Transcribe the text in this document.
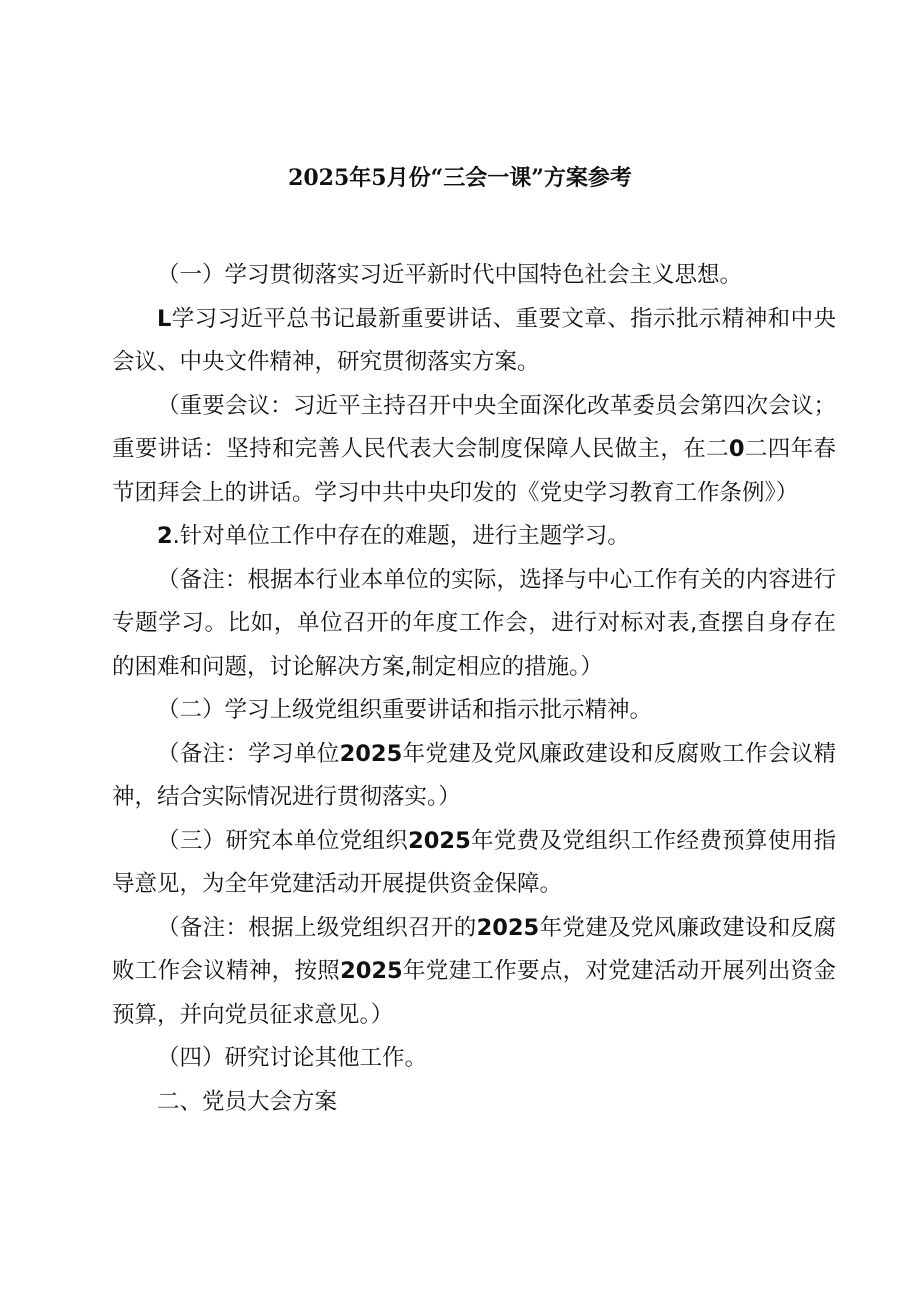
2025年5月份“三会一课”方案参考

（一）学习贯彻落实习近平新时代中国特色社会主义思想。

L学习习近平总书记最新重要讲话、重要文章、指示批示精神和中央会议、中央文件精神，研究贯彻落实方案。

（重要会议：习近平主持召开中央全面深化改革委员会第四次会议；重要讲话：坚持和完善人民代表大会制度保障人民做主，在二0二四年春节团拜会上的讲话。学习中共中央印发的《党史学习教育工作条例》）

2.针对单位工作中存在的难题，进行主题学习。

（备注：根据本行业本单位的实际，选择与中心工作有关的内容进行专题学习。比如，单位召开的年度工作会，进行对标对表,查摆自身存在的困难和问题，讨论解决方案,制定相应的措施。）

（二）学习上级党组织重要讲话和指示批示精神。

（备注：学习单位2025年党建及党风廉政建设和反腐败工作会议精神，结合实际情况进行贯彻落实。）

（三）研究本单位党组织2025年党费及党组织工作经费预算使用指导意见，为全年党建活动开展提供资金保障。

（备注：根据上级党组织召开的2025年党建及党风廉政建设和反腐败工作会议精神，按照2025年党建工作要点，对党建活动开展列出资金预算，并向党员征求意见。）

（四）研究讨论其他工作。

二、党员大会方案
